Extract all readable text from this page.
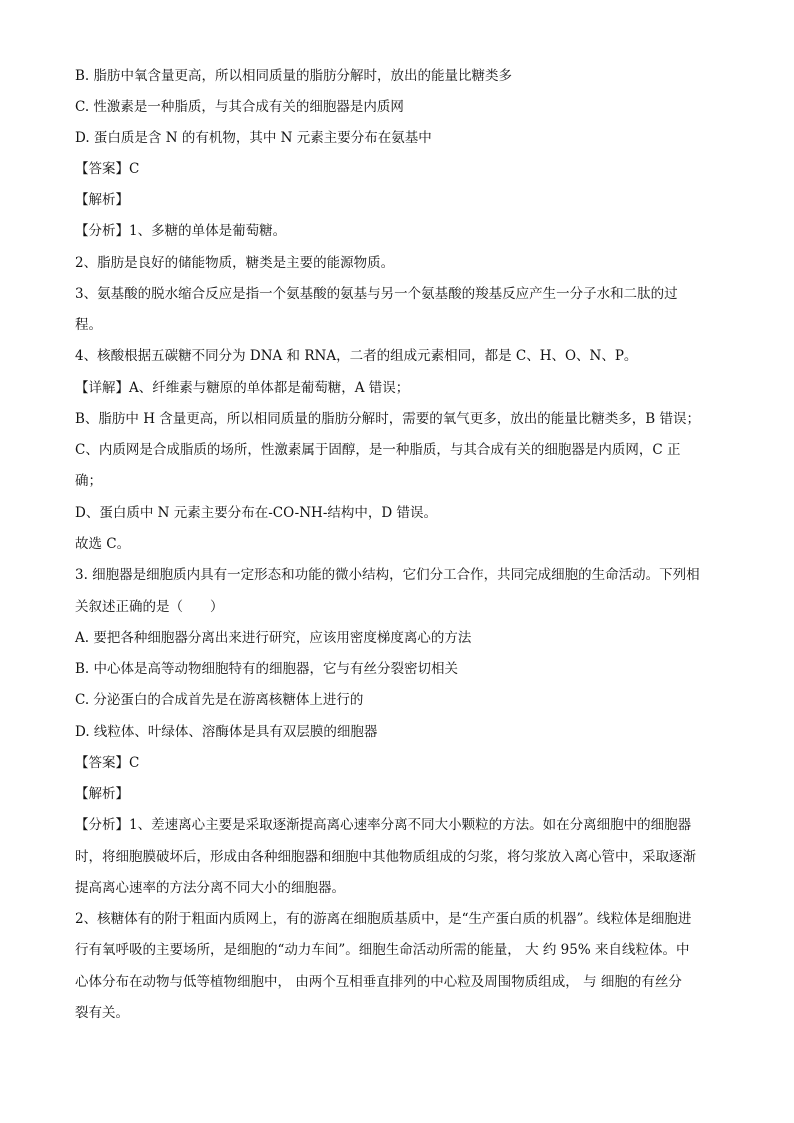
B. 脂肪中氧含量更高，所以相同质量的脂肪分解时，放出的能量比糖类多
C. 性激素是一种脂质，与其合成有关的细胞器是内质网
D. 蛋白质是含 N 的有机物，其中 N 元素主要分布在氨基中
【答案】C
【解析】
【分析】1、多糖的单体是葡萄糖。
2、脂肪是良好的储能物质，糖类是主要的能源物质。
3、氨基酸的脱水缩合反应是指一个氨基酸的氨基与另一个氨基酸的羧基反应产生一分子水和二肽的过
程。
4、核酸根据五碳糖不同分为 DNA 和 RNA，二者的组成元素相同，都是 C、H、O、N、P。
【详解】A、纤维素与糖原的单体都是葡萄糖，A 错误；
B、脂肪中 H 含量更高，所以相同质量的脂肪分解时，需要的氧气更多，放出的能量比糖类多，B 错误；
C、内质网是合成脂质的场所，性激素属于固醇，是一种脂质，与其合成有关的细胞器是内质网，C 正
确；
D、蛋白质中 N 元素主要分布在-CO-NH-结构中，D 错误。
故选 C。
3. 细胞器是细胞质内具有一定形态和功能的微小结构，它们分工合作，共同完成细胞的生命活动。下列相
关叙述正确的是（　　）
A. 要把各种细胞器分离出来进行研究，应该用密度梯度离心的方法
B. 中心体是高等动物细胞特有的细胞器，它与有丝分裂密切相关
C. 分泌蛋白的合成首先是在游离核糖体上进行的
D. 线粒体、叶绿体、溶酶体是具有双层膜的细胞器
【答案】C
【解析】
【分析】1、差速离心主要是采取逐渐提高离心速率分离不同大小颗粒的方法。如在分离细胞中的细胞器
时，将细胞膜破坏后，形成由各种细胞器和细胞中其他物质组成的匀浆，将匀浆放入离心管中，采取逐渐
提高离心速率的方法分离不同大小的细胞器。
2、核糖体有的附于粗面内质网上，有的游离在细胞质基质中，是“生产蛋白质的机器”。线粒体是细胞进
行有氧呼吸的主要场所，是细胞的“动力车间”。细胞生命活动所需的能量， 大 约 95% 来自线粒体。中
心体分布在动物与低等植物细胞中， 由两个互相垂直排列的中心粒及周围物质组成， 与 细胞的有丝分
裂有关。
